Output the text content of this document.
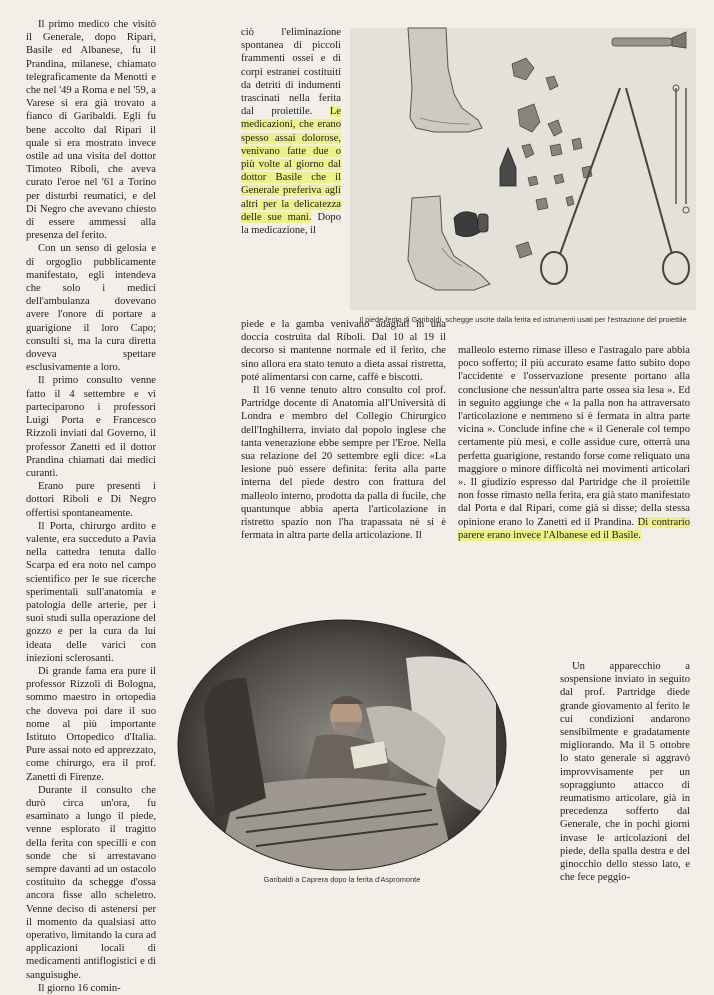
Il primo medico che visitò il Generale, dopo Ripari, Basile ed Albanese, fu il Prandina, milanese, chiamato telegraficamente da Menotti e che nel '49 a Roma e nel '59, a Varese si era già trovato a fianco di Garibaldi. Egli fu bene accolto dal Ripari il quale si era mostrato invece ostile ad una visita del dottor Timoteo Riboli, che aveva curato l'eroe nel '61 a Torino per disturbi reumatici, e del Di Negro che avevano chiesto di essere ammessi alla presenza del ferito.

Con un senso di gelosia e di orgoglio pubblicamente manifestato, egli intendeva che solo i medici dell'ambulanza dovevano avere l'onore di portare a guarigione il loro Capo; consulti sì, ma la cura diretta doveva spettare esclusivamente a loro.

Il primo consulto venne fatto il 4 settembre e vi parteciparono i professori Luigi Porta e Francesco Rizzoli inviati dal Governo, il professor Zanetti ed il dottor Prandina chiamati dai medici curanti.

Erano pure presenti i dottori Riboli e Di Negro offertisi spontaneamente.

Il Porta, chirurgo ardito e valente, era succeduto a Pavia nella cattedra tenuta dallo Scarpa ed era noto nel campo scientifico per le sue ricerche sperimentali sull'anatomia e patologia delle arterie, per i suoi studi sulla operazione del gozzo e per la cura da lui ideata delle varici con iniezioni sclerosanti.

Di grande fama era pure il professor Rizzoli di Bologna, sommo maestro in ortopedia che doveva poi dare il suo nome al più importante Istituto Ortopedico d'Italia. Pure assai noto ed apprezzato, come chirurgo, era il prof. Zanetti di Firenze.

Durante il consulto che durò circa un'ora, fu esaminato a lungo il piede, venne esplorato il tragitto della ferita con specilli e con sonde che si arrestavano sempre davanti ad un ostacolo costituito da schegge d'ossa ancora fisse allo scheletro. Venne deciso di astenersi per il momento da qualsiasi atto operativo, limitando la cura ad applicazioni locali di medicamenti antiflogistici e di sanguisughe.

Il giorno 16 comin-

ciò l'eliminazione spontanea di piccoli frammenti ossei e di corpi estranei costituiti da detriti di indumenti trascinati nella ferita dal proiettile. Le medicazioni, che erano spesso assai dolorose, venivano fatte due o più volte al giorno dal dottor Basile che il Generale preferiva agli altri per la delicatezza delle sue mani. Dopo la medicazione, il

piede e la gamba venivano adagiati in una doccia costruita dal Riboli. Dal 10 al 19 il decorso si mantenne normale ed il ferito, che sino allora era stato tenuto a dieta assai ristretta, poté alimentarsi con carne, caffè e biscotti.

Il 16 venne tenuto altro consulto col prof. Partridge docente di Anatomia all'Università di Londra e membro del Collegio Chirurgico dell'Inghilterra, inviato dal popolo inglese che tanta venerazione ebbe sempre per l'Eroe. Nella sua relazione del 20 settembre egli dice: «La lesione può essere definita: ferita alla parte interna del piede destro con frattura del malleolo interno, prodotta da palla di fucile, che quantunque abbia aperta l'articolazione in ristretto spazio non l'ha trapassata nè si è fermata in altra parte della articolazione. Il

malleolo esterno rimase illeso e l'astragalo pare abbia poco sofferto; il più accurato esame fatto subito dopo l'accidente e l'osservazione presente portano alla conclusione che nessun'altra parte ossea sia lesa ». Ed in seguito aggiunge che « la palla non ha attraversato l'articolazione e nemmeno si è fermata in altra parte vicina ». Conclude infine che « il Generale col tempo certamente più mesi, e colle assidue cure, otterrà una perfetta guarigione, restando forse come reliquato una maggiore o minore difficoltà nei movimenti articolari ». Il giudizio espresso dal Partridge che il proiettile non fosse rimasto nella ferita, era già stato manifestato dal Porta e dal Ripari, come già si disse; della stessa opinione erano lo Zanetti ed il Prandina. Di contrario parere erano invece l'Albanese ed il Basile.

Un apparecchio a sospensione inviato in seguito dal prof. Partridge diede grande giovamento al ferito le cui condizioni andarono sensibilmente e gradatamente migliorando. Ma il 5 ottobre lo stato generale si aggravò improvvisamente per un sopraggiunto attacco di reumatismo articolare, già in precedenza sofferto dal Generale, che in pochi giorni invase le articolazioni del piede, della spalla destra e del ginocchio dello stesso lato, e che fece peggio-

Il piede ferito di Garibaldi, schegge uscite dalla ferita ed istrumenti usati per l'estrazione del proiettile
Garibaldi a Caprera dopo la ferita d'Aspromonte
